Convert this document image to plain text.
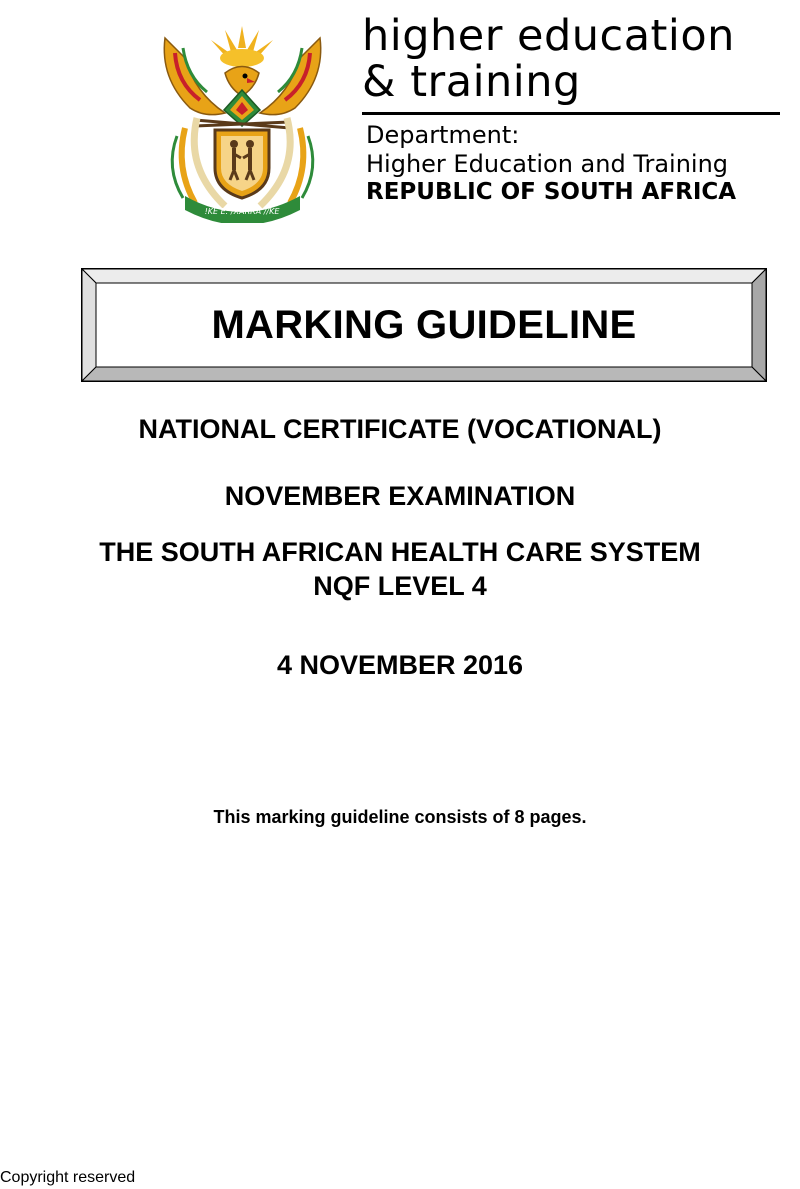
!KE E: /XARRA //KE
higher education
& training
Department:
Higher Education and Training
REPUBLIC OF SOUTH AFRICA
MARKING GUIDELINE
NATIONAL CERTIFICATE (VOCATIONAL)
NOVEMBER EXAMINATION
THE SOUTH AFRICAN HEALTH CARE SYSTEM
NQF LEVEL 4
4 NOVEMBER 2016
This marking guideline consists of 8 pages.
Copyright reserved
